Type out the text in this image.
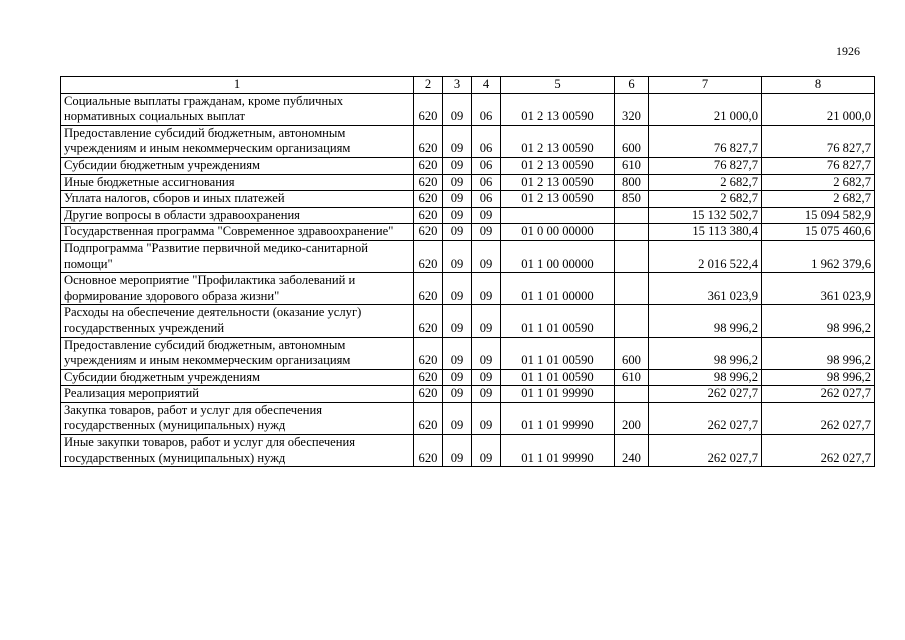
1926
1	2	3	4	5	6	7	8
Социальные выплаты гражданам, кроме публичных нормативных социальных выплат	620	09	06	01 2 13 00590	320	21 000,0	21 000,0
Предоставление субсидий бюджетным, автономным учреждениям и иным некоммерческим организациям	620	09	06	01 2 13 00590	600	76 827,7	76 827,7
Субсидии бюджетным учреждениям	620	09	06	01 2 13 00590	610	76 827,7	76 827,7
Иные бюджетные ассигнования	620	09	06	01 2 13 00590	800	2 682,7	2 682,7
Уплата налогов, сборов и иных платежей	620	09	06	01 2 13 00590	850	2 682,7	2 682,7
Другие вопросы в области здравоохранения	620	09	09			15 132 502,7	15 094 582,9
Государственная программа "Современное здравоохранение"	620	09	09	01 0 00 00000		15 113 380,4	15 075 460,6
Подпрограмма "Развитие первичной медико-санитарной помощи"	620	09	09	01 1 00 00000		2 016 522,4	1 962 379,6
Основное мероприятие "Профилактика заболеваний и формирование здорового образа жизни"	620	09	09	01 1 01 00000		361 023,9	361 023,9
Расходы на обеспечение деятельности (оказание услуг) государственных учреждений	620	09	09	01 1 01 00590		98 996,2	98 996,2
Предоставление субсидий бюджетным, автономным учреждениям и иным некоммерческим организациям	620	09	09	01 1 01 00590	600	98 996,2	98 996,2
Субсидии бюджетным учреждениям	620	09	09	01 1 01 00590	610	98 996,2	98 996,2
Реализация мероприятий	620	09	09	01 1 01 99990		262 027,7	262 027,7
Закупка товаров, работ и услуг для обеспечения государственных (муниципальных) нужд	620	09	09	01 1 01 99990	200	262 027,7	262 027,7
Иные закупки товаров, работ и услуг для обеспечения государственных (муниципальных) нужд	620	09	09	01 1 01 99990	240	262 027,7	262 027,7
